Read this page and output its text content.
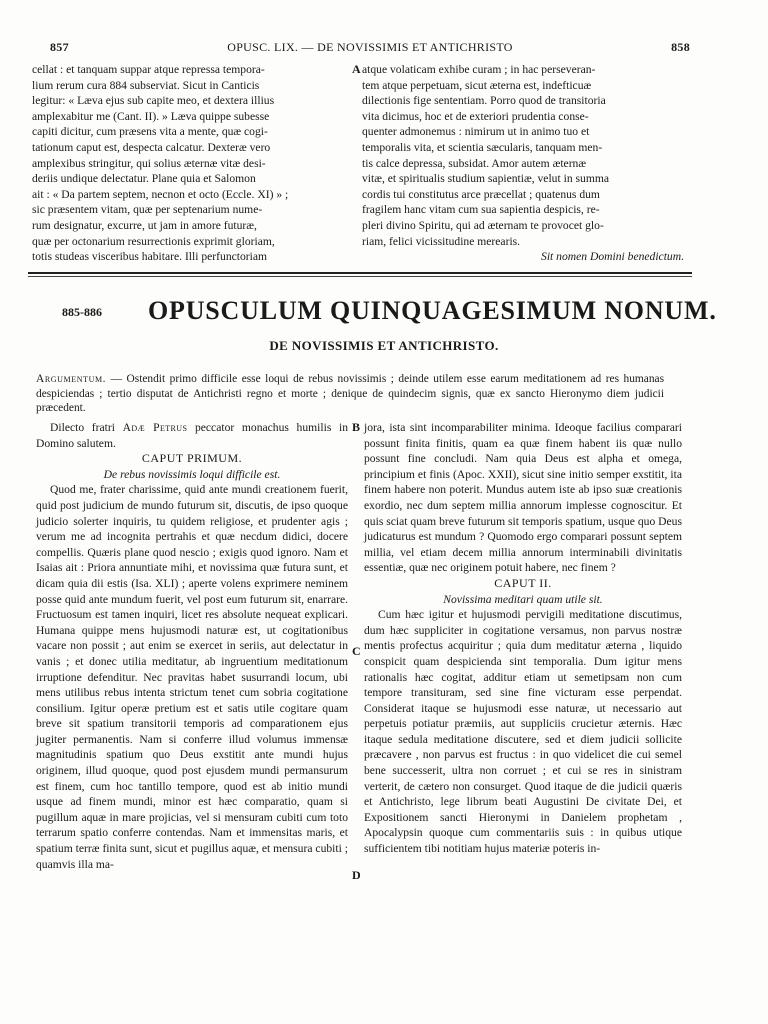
857	OPUSC. LIX. — DE NOVISSIMIS ET ANTICHRISTO	858

cellat : et tanquam suppar atque repressa tempora-

lium rerum cura 884 subserviat. Sicut in Canticis

legitur: « Læva ejus sub capite meo, et dextera illius

amplexabitur me (Cant. II). » Læva quippe subesse

capiti dicitur, cum præsens vita a mente, quæ cogi-

tationum caput est, despecta calcatur. Dexteræ vero

amplexibus stringitur, qui solius æternæ vitæ desi-

deriis undique delectatur. Plane quia et Salomon

ait : « Da partem septem, necnon et octo (Eccle. XI) » ;

sic præsentem vitam, quæ per septenarium nume-

rum designatur, excurre, ut jam in amore futuræ,

quæ per octonarium resurrectionis exprimit gloriam,

totis studeas visceribus habitare. Illi perfunctoriam

atque volaticam exhibe curam ; in hac perseveran-

tem atque perpetuam, sicut æterna est, indefticuæ

dilectionis fige sententiam. Porro quod de transitoria

vita dicimus, hoc et de exteriori prudentia conse-

quenter admonemus : nimirum ut in animo tuo et

temporalis vita, et scientia sæcularis, tanquam men-

tis calce depressa, subsidat. Amor autem æternæ

vitæ, et spiritualis studium sapientiæ, velut in summa

cordis tui constitutus arce præcellat ; quatenus dum

fragilem hanc vitam cum sua sapientia despicis, re-

pleri divino Spiritu, qui ad æternam te provocet glo-

riam, felici vicissitudine merearis.

Sit nomen Domini benedictum.

A
B
C
D
885-886 OPUSCULUM QUINQUAGESIMUM NONUM.
DE NOVISSIMIS ET ANTICHRISTO.
Argumentum. — Ostendit primo difficile esse loqui de rebus novissimis ; deinde utilem esse earum meditationem ad res humanas despiciendas ; tertio disputat de Antichristi regno et morte ; denique de quindecim signis, quæ ex sancto Hieronymo diem judicii præcedent.

Dilecto fratri Adæ Petrus peccator monachus humilis in Domino salutem.

CAPUT PRIMUM.

De rebus novissimis loqui difficile est.

Quod me, frater charissime, quid ante mundi creationem fuerit, quid post judicium de mundo futurum sit, discutis, de ipso quoque judicio solerter inquiris, tu quidem religiose, et prudenter agis ; verum me ad incognita pertrahis et quæ necdum didici, docere compellis. Quæris plane quod nescio ; exigis quod ignoro. Nam et Isaias ait : Priora annuntiate mihi, et novissima quæ futura sunt, et dicam quia dii estis (Isa. XLI) ; aperte volens exprimere neminem posse quid ante mundum fuerit, vel post eum futurum sit, enarrare. Fructuosum est tamen inquiri, licet res absolute nequeat explicari. Humana quippe mens hujusmodi naturæ est, ut cogitationibus vacare non possit ; aut enim se exercet in seriis, aut delectatur in vanis ; et donec utilia meditatur, ab ingruentium meditationum irruptione defenditur. Nec pravitas habet susurrandi locum, ubi mens utilibus rebus intenta strictum tenet cum sobria cogitatione consilium. Igitur operæ pretium est et satis utile cogitare quam breve sit spatium transitorii temporis ad comparationem ejus jugiter permanentis. Nam si conferre illud volumus immensæ magnitudinis spatium quo Deus exstitit ante mundi hujus originem, illud quoque, quod post ejusdem mundi permansurum est finem, cum hoc tantillo tempore, quod est ab initio mundi usque ad finem mundi, minor est hæc comparatio, quam si pugillum aquæ in mare projicias, vel si mensuram cubiti cum toto terrarum spatio conferre contendas. Nam et immensitas maris, et spatium terræ finita sunt, sicut et pugillus aquæ, et mensura cubiti ; quamvis illa ma-

jora, ista sint incomparabiliter minima. Ideoque facilius comparari possunt finita finitis, quam ea quæ finem habent iis quæ nullo possunt fine concludi. Nam quia Deus est alpha et omega, principium et finis (Apoc. XXII), sicut sine initio semper exstitit, ita finem habere non poterit. Mundus autem iste ab ipso suæ creationis exordio, nec dum septem millia annorum implesse cognoscitur. Et quis sciat quam breve futurum sit temporis spatium, usque quo Deus judicaturus est mundum ? Quomodo ergo comparari possunt septem millia, vel etiam decem millia annorum interminabili divinitatis essentiæ, quæ nec originem potuit habere, nec finem ?

CAPUT II.

Novissima meditari quam utile sit.

Cum hæc igitur et hujusmodi pervigili meditatione discutimus, dum hæc suppliciter in cogitatione versamus, non parvus nostræ mentis profectus acquiritur ; quia dum meditatur æterna , liquido conspicit quam despicienda sint temporalia. Dum igitur mens rationalis hæc cogitat, additur etiam ut semetipsam non cum tempore transituram, sed sine fine victuram esse perpendat. Considerat itaque se hujusmodi esse naturæ, ut necessario aut perpetuis potiatur præmiis, aut suppliciis crucietur æternis. Hæc itaque sedula meditatione discutere, sed et diem judicii sollicite præcavere , non parvus est fructus : in quo videlicet die cui semel bene successerit, ultra non corruet ; et cui se res in sinistram verterit, de cætero non consurget. Quod itaque de die judicii quæris et Antichristo, lege librum beati Augustini De civitate Dei, et Expositionem sancti Hieronymi in Danielem prophetam , Apocalypsin quoque cum commentariis suis : in quibus utique sufficientem tibi notitiam hujus materiæ poteris in-
